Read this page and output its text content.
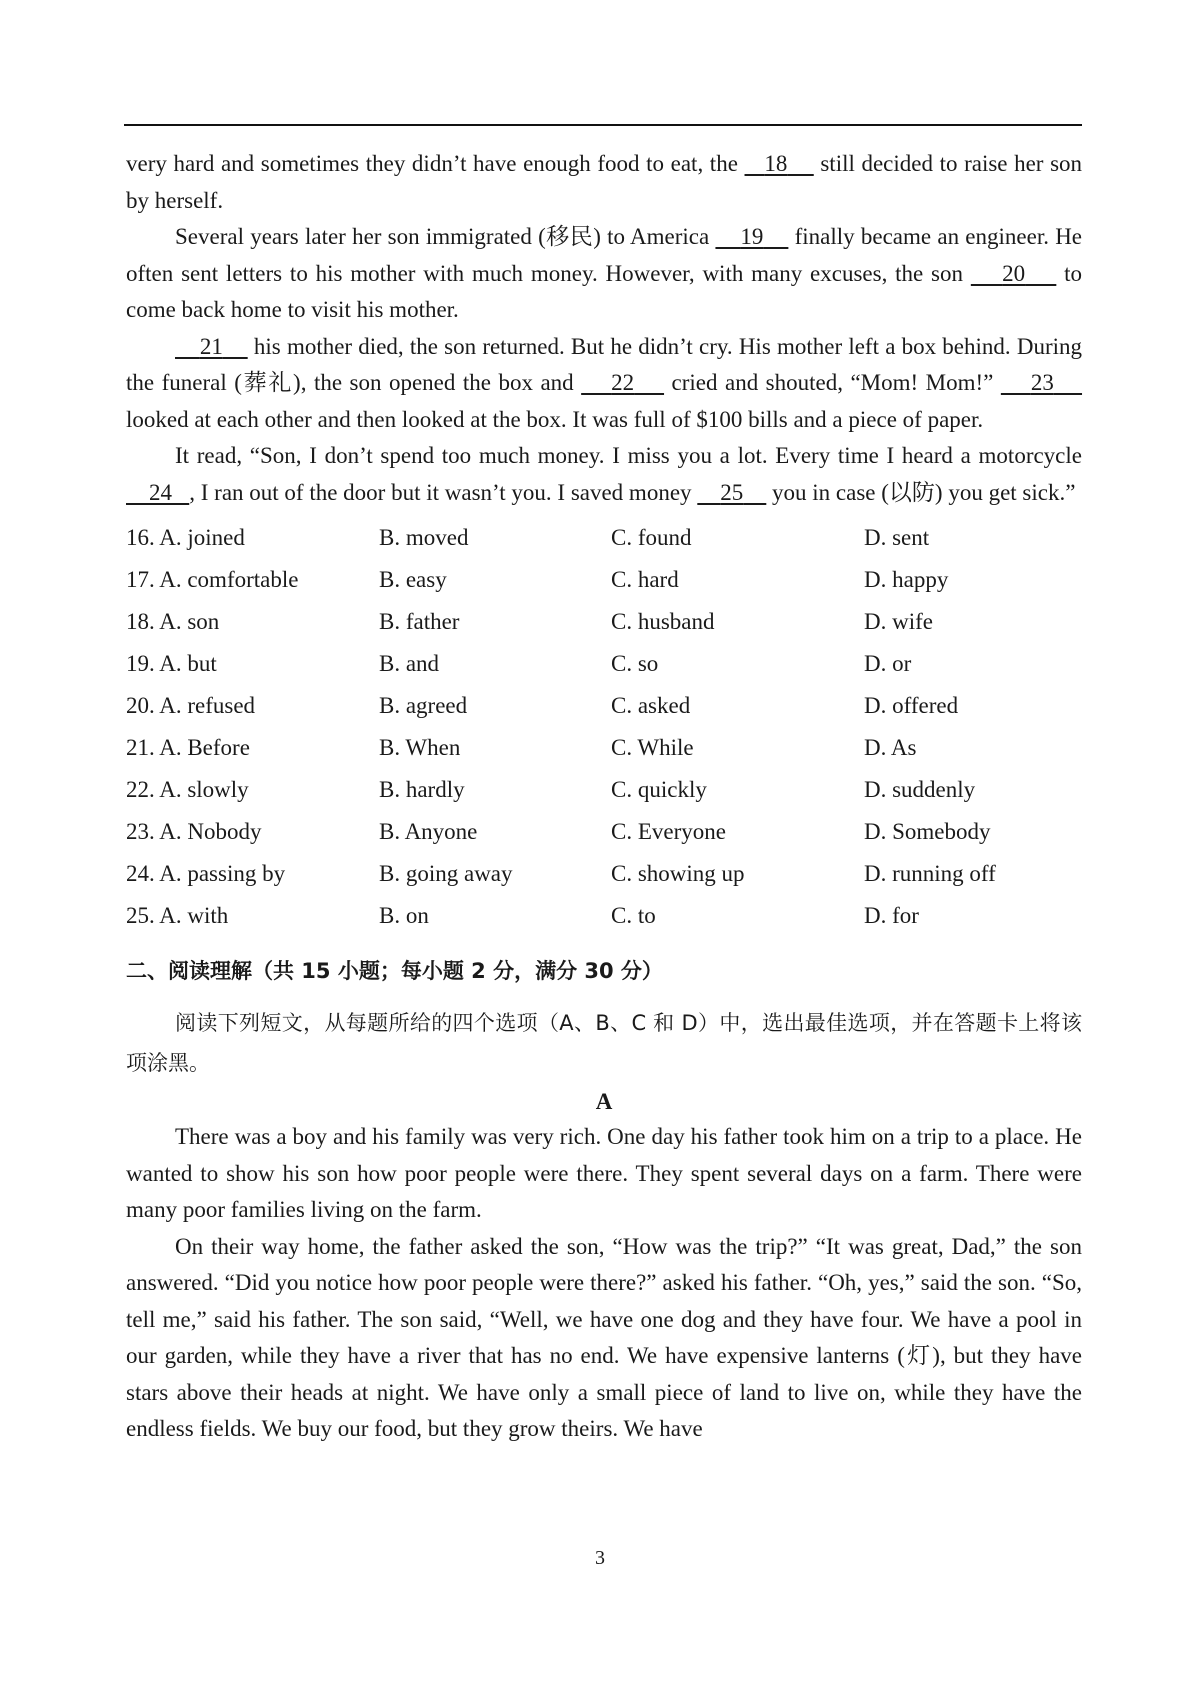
very hard and sometimes they didn’t have enough food to eat, the    18     still decided to raise her son by herself.

Several years later her son immigrated (移民) to America     19     finally became an engineer. He often sent letters to his mother with much money. However, with many excuses, the son     20     to come back home to visit his mother.

21     his mother died, the son returned. But he didn’t cry. His mother left a box behind. During the funeral (葬礼), the son opened the box and     22     cried and shouted, “Mom! Mom!”     23     looked at each other and then looked at the box. It was full of $100 bills and a piece of paper.

It read, “Son, I don’t spend too much money. I miss you a lot. Every time I heard a motorcycle     24 , I ran out of the door but it wasn’t you. I saved money     25     you in case (以防) you get sick.”

16. A. joined	B. moved	C. found	D. sent
17. A. comfortable	B. easy	C. hard	D. happy
18. A. son	B. father	C. husband	D. wife
19. A. but	B. and	C. so	D. or
20. A. refused	B. agreed	C. asked	D. offered
21. A. Before	B. When	C. While	D. As
22. A. slowly	B. hardly	C. quickly	D. suddenly
23. A. Nobody	B. Anyone	C. Everyone	D. Somebody
24. A. passing by	B. going away	C. showing up	D. running off
25. A. with	B. on	C. to	D. for
二、阅读理解（共 15 小题；每小题 2 分，满分 30 分）

阅读下列短文，从每题所给的四个选项（A、B、C 和 D）中，选出最佳选项，并在答题卡上将该项涂黑。

A

There was a boy and his family was very rich. One day his father took him on a trip to a place. He wanted to show his son how poor people were there. They spent several days on a farm. There were many poor families living on the farm.

On their way home, the father asked the son, “How was the trip?” “It was great, Dad,” the son answered. “Did you notice how poor people were there?” asked his father. “Oh, yes,” said the son. “So, tell me,” said his father. The son said, “Well, we have one dog and they have four. We have a pool in our garden, while they have a river that has no end. We have expensive lanterns (灯), but they have stars above their heads at night. We have only a small piece of land to live on, while they have the endless fields. We buy our food, but they grow theirs. We have

3
